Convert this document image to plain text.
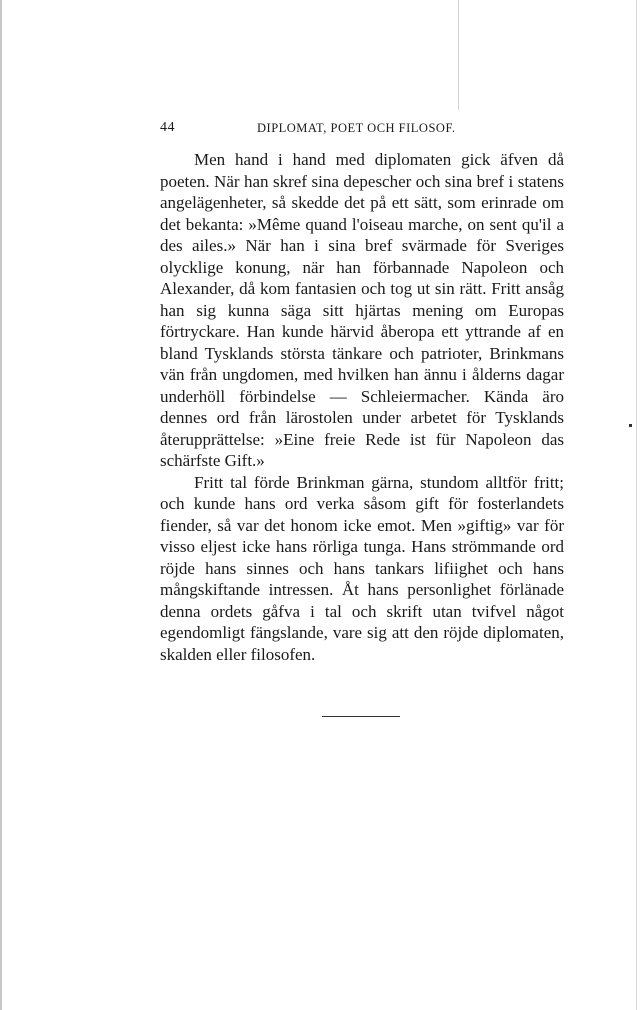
44	DIPLOMAT, POET OCH FILOSOF.

Men hand i hand med diplomaten gick äfven då poeten. När han skref sina depescher och sina bref i statens angelägenheter, så skedde det på ett sätt, som erinrade om det bekanta: »Même quand l'oiseau marche, on sent qu'il a des ailes.» När han i sina bref svärmade för Sveriges olycklige konung, när han förbannade Napoleon och Alexander, då kom fantasien och tog ut sin rätt. Fritt ansåg han sig kunna säga sitt hjärtas mening om Europas förtryckare. Han kunde härvid åberopa ett yttrande af en bland Tysklands största tänkare och patrioter, Brinkmans vän från ungdomen, med hvilken han ännu i ålderns dagar underhöll förbindelse — Schleiermacher. Kända äro dennes ord från lärostolen under arbetet för Tysklands återupprättelse: »Eine freie Rede ist für Napoleon das schärfste Gift.»

Fritt tal förde Brinkman gärna, stundom alltför fritt; och kunde hans ord verka såsom gift för fosterlandets fiender, så var det honom icke emot. Men »giftig» var för visso eljest icke hans rörliga tunga. Hans strömmande ord röjde hans sinnes och hans tankars lifiighet och hans mångskiftande intressen. Åt hans personlighet förlänade denna ordets gåfva i tal och skrift utan tvifvel något egendomligt fängslande, vare sig att den röjde diplomaten, skalden eller filosofen.
